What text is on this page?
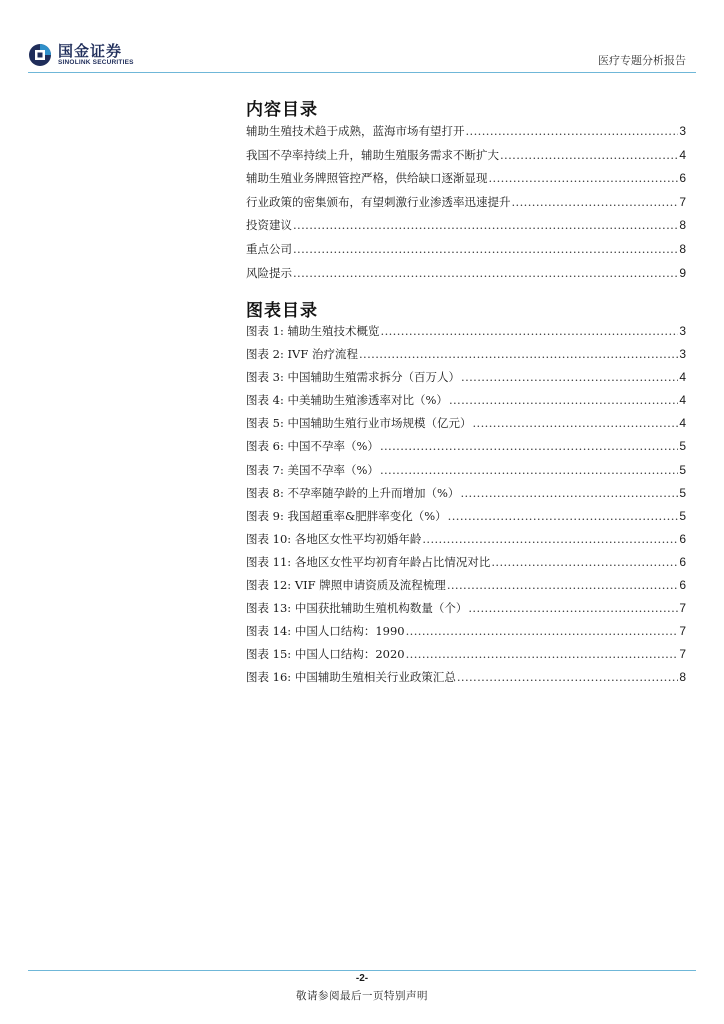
国金证券
SINOLINK SECURITIES	医疗专题分析报告
内容目录
辅助生殖技术趋于成熟，蓝海市场有望打开 .....	3
我国不孕率持续上升，辅助生殖服务需求不断扩大 .....	4
辅助生殖业务牌照管控严格，供给缺口逐渐显现 .....	6
行业政策的密集颁布，有望刺激行业渗透率迅速提升 .....	7
投资建议 .....	8
重点公司 .....	8
风险提示 .....	9
图表目录
图表 1: 辅助生殖技术概览 .....	3
图表 2: IVF 治疗流程 .....	3
图表 3: 中国辅助生殖需求拆分（百万人） .....	4
图表 4: 中美辅助生殖渗透率对比（%） .....	4
图表 5: 中国辅助生殖行业市场规模（亿元） .....	4
图表 6: 中国不孕率（%） .....	5
图表 7: 美国不孕率（%） .....	5
图表 8: 不孕率随孕龄的上升而增加（%） .....	5
图表 9: 我国超重率&肥胖率变化（%） .....	5
图表 10: 各地区女性平均初婚年龄 .....	6
图表 11: 各地区女性平均初育年龄占比情况对比 .....	6
图表 12: VIF 牌照申请资质及流程梳理 .....	6
图表 13: 中国获批辅助生殖机构数量（个） .....	7
图表 14: 中国人口结构：1990 .....	7
图表 15: 中国人口结构：2020 .....	7
图表 16: 中国辅助生殖相关行业政策汇总 .....	8
-2-
敬请参阅最后一页特别声明
